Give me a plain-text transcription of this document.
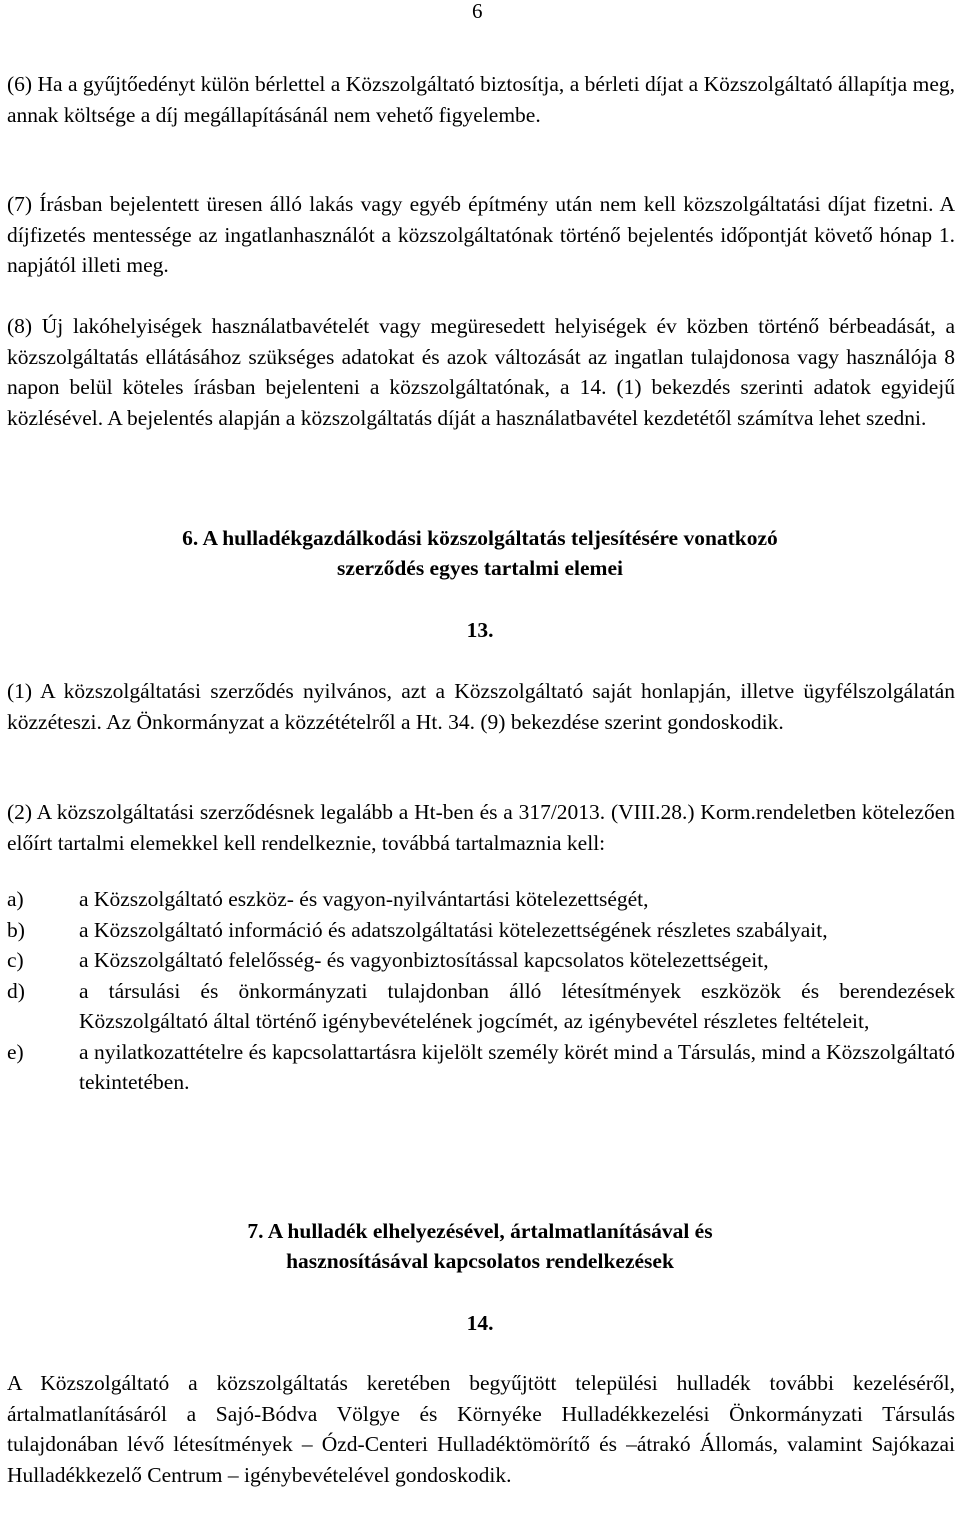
6

(6) Ha a gyűjtőedényt külön bérlettel a Közszolgáltató biztosítja, a bérleti díjat a Közszolgáltató állapítja meg, annak költsége a díj megállapításánál nem vehető figyelembe.

(7) Írásban bejelentett üresen álló lakás vagy egyéb építmény után nem kell közszolgáltatási díjat fizetni. A díjfizetés mentessége az ingatlanhasználót a közszolgáltatónak történő bejelentés időpontját követő hónap 1. napjától illeti meg.

(8) Új lakóhelyiségek használatbavételét vagy megüresedett helyiségek év közben történő bérbeadását, a közszolgáltatás ellátásához szükséges adatokat és azok változását az ingatlan tulajdonosa vagy használója 8 napon belül köteles írásban bejelenteni a közszolgáltatónak, a 14. (1) bekezdés szerinti adatok egyidejű közlésével. A bejelentés alapján a közszolgáltatás díját a használatbavétel kezdetétől számítva lehet szedni.

6. A hulladékgazdálkodási közszolgáltatás teljesítésére vonatkozó
szerződés egyes tartalmi elemei
13.

(1) A közszolgáltatási szerződés nyilvános, azt a Közszolgáltató saját honlapján, illetve ügyfélszolgálatán közzéteszi. Az Önkormányzat a közzétételről a Ht. 34. (9) bekezdése szerint gondoskodik.

(2) A közszolgáltatási szerződésnek legalább a Ht-ben és a 317/2013. (VIII.28.) Korm.rendeletben kötelezően előírt tartalmi elemekkel kell rendelkeznie, továbbá tartalmaznia kell:

a)	a Közszolgáltató eszköz- és vagyon-nyilvántartási kötelezettségét,
b)	a Közszolgáltató információ és adatszolgáltatási kötelezettségének részletes szabályait,
c)	a Közszolgáltató felelősség- és vagyonbiztosítással kapcsolatos kötelezettségeit,
d)	a társulási és önkormányzati tulajdonban álló létesítmények eszközök és berendezések Közszolgáltató által történő igénybevételének jogcímét, az igénybevétel részletes feltételeit,
e)	a nyilatkozattételre és kapcsolattartásra kijelölt személy körét mind a Társulás, mind a Közszolgáltató tekintetében.
7. A hulladék elhelyezésével, ártalmatlanításával és
hasznosításával kapcsolatos rendelkezések
14.

A Közszolgáltató a közszolgáltatás keretében begyűjtött települési hulladék további kezeléséről, ártalmatlanításáról a Sajó-Bódva Völgye és Környéke Hulladékkezelési Önkormányzati Társulás tulajdonában lévő létesítmények – Ózd-Centeri Hulladéktömörítő és –átrakó Állomás, valamint Sajókazai Hulladékkezelő Centrum – igénybevételével gondoskodik.
